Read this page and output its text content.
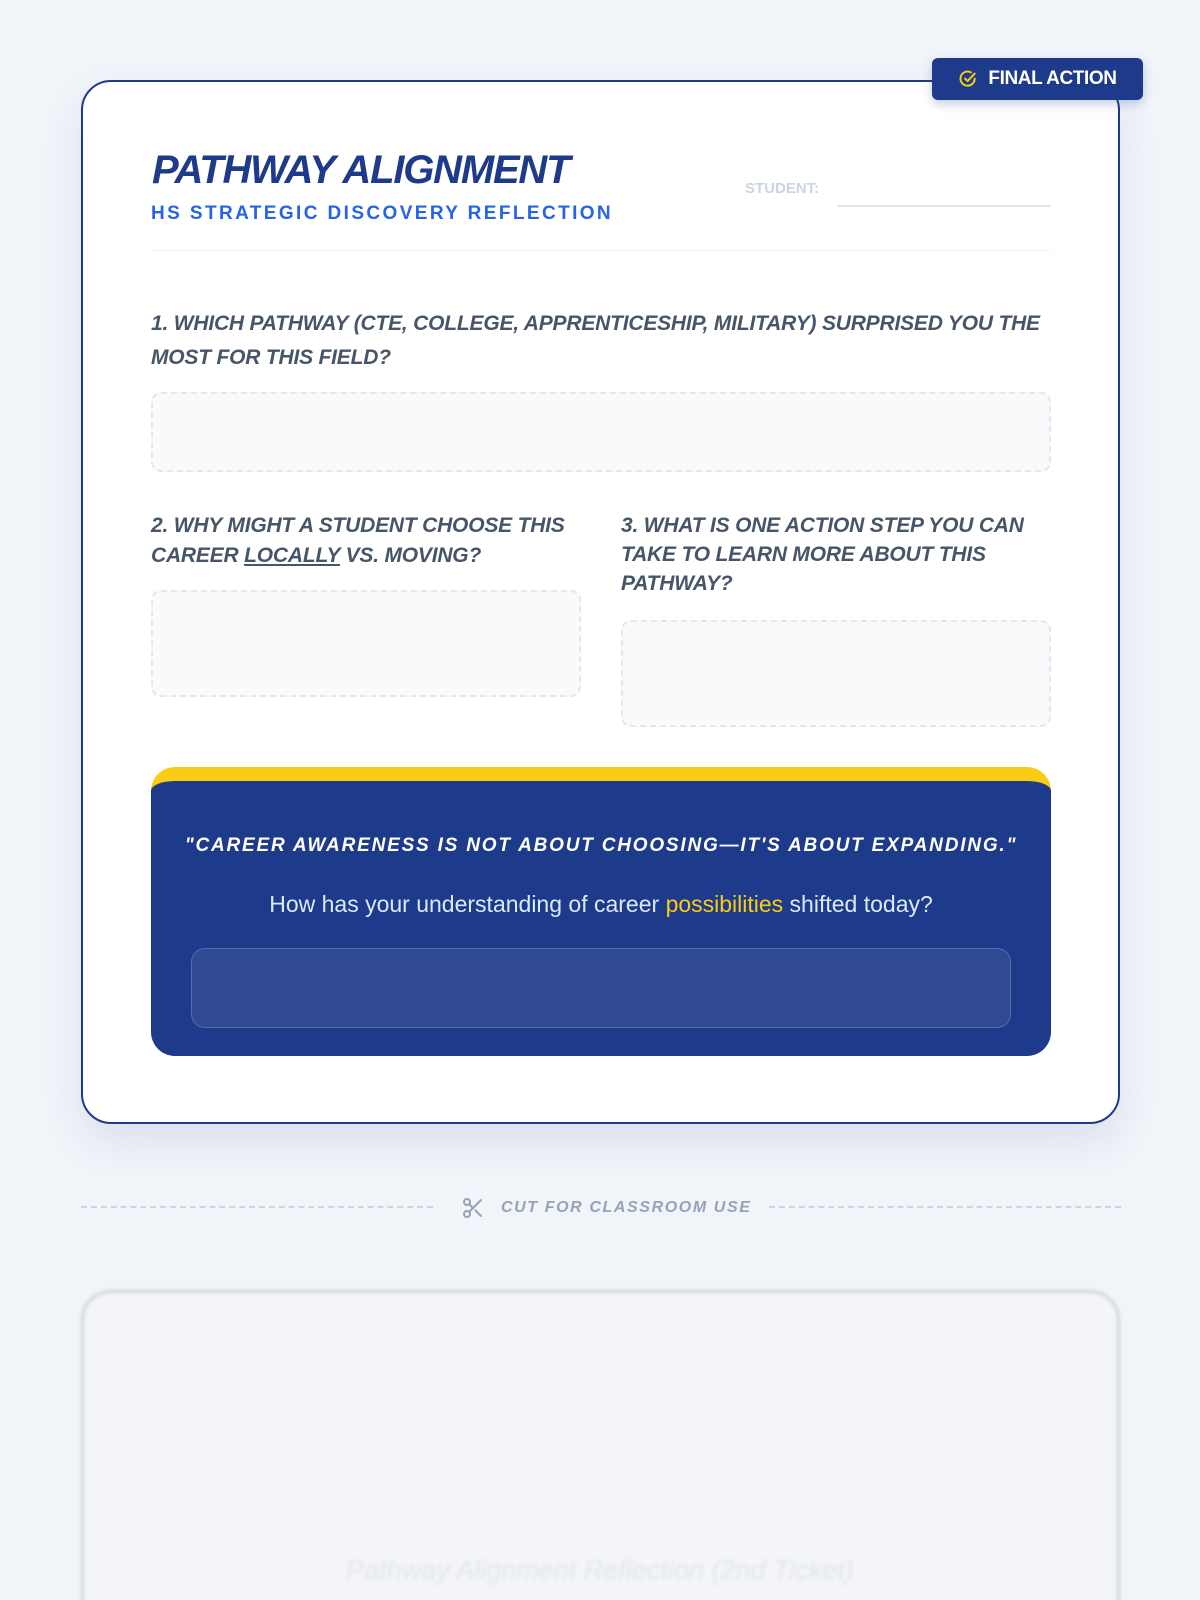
FINAL ACTION
PATHWAY ALIGNMENT
HS STRATEGIC DISCOVERY REFLECTION
STUDENT:
1. WHICH PATHWAY (CTE, COLLEGE, APPRENTICESHIP, MILITARY) SURPRISED YOU THE MOST FOR THIS FIELD?
2. WHY MIGHT A STUDENT CHOOSE THIS CAREER LOCALLY VS. MOVING?
3. WHAT IS ONE ACTION STEP YOU CAN TAKE TO LEARN MORE ABOUT THIS PATHWAY?
"CAREER AWARENESS IS NOT ABOUT CHOOSING—IT'S ABOUT EXPANDING."
How has your understanding of career possibilities shifted today?
CUT FOR CLASSROOM USE
Pathway Alignment Reflection (2nd Ticket)
